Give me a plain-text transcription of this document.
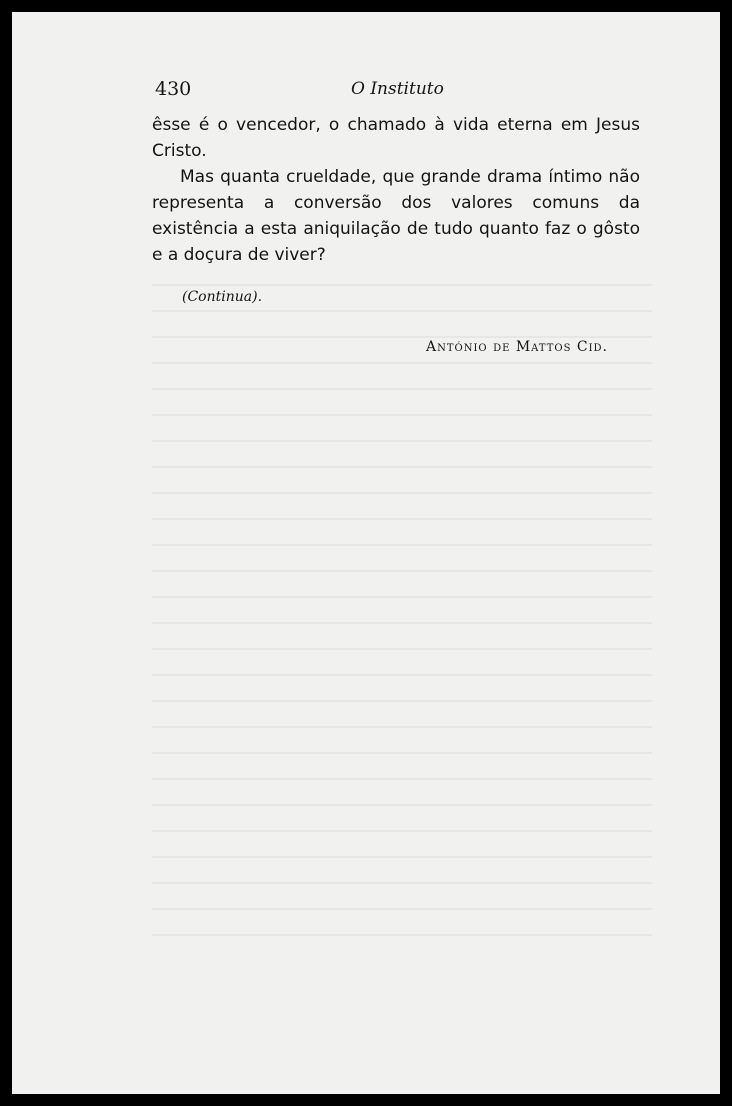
430	O Instituto

êsse é o vencedor, o chamado à vida eterna em Jesus Cristo.

Mas quanta crueldade, que grande drama íntimo não representa a conversão dos valores comuns da existência a esta aniquilação de tudo quanto faz o gôsto e a doçura de viver?

(Continua).
António de Mattos Cid.
